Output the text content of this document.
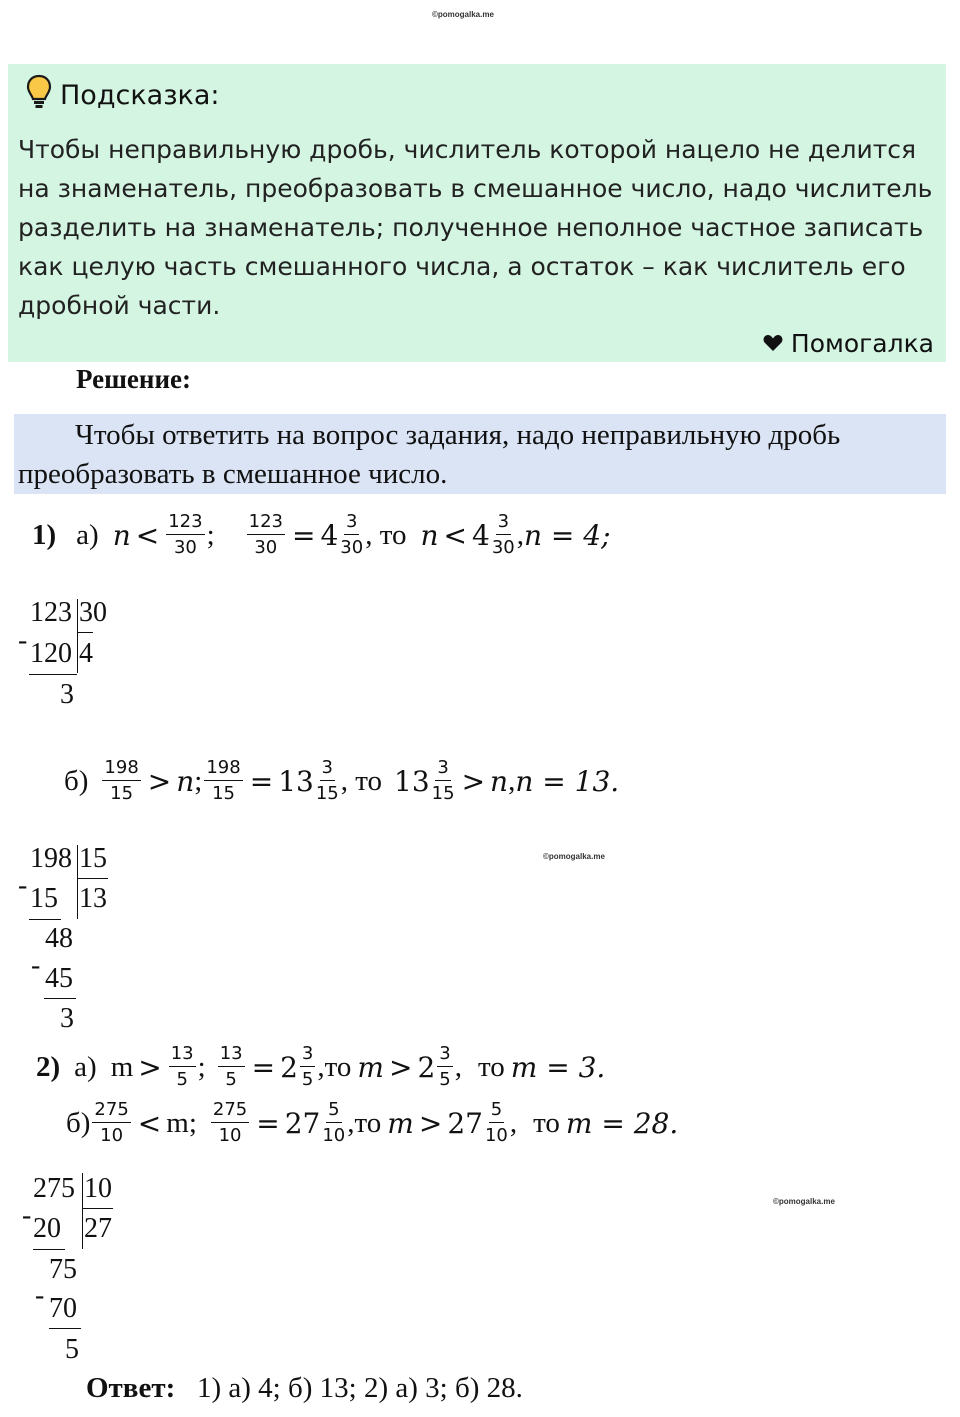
©pomogalka.me
©pomogalka.me
©pomogalka.me
Подсказка:
Чтобы неправильную дробь, числитель которой нацело не делится на знаменатель, преобразовать в смешанное число, надо числитель разделить на знаменатель; полученное неполное частное записать как целую часть смешанного числа, а остаток – как числитель его дробной части.
Помогалка
Решение:
Чтобы ответить на вопрос задания, надо неправильную дробь преобразовать в смешанное число.
1) а) $n < \frac{123}{30}$ ; $\frac{123}{30} = 4 \frac{3}{30}$ , то $n < 4 \frac{3}{30}$ , n = 4;
123 30
- 120 4
3
$б) \frac{198}{15} > n$ ; $\frac{198}{15} = 13 \frac{3}{15}$ , то $13 \frac{3}{15} > n$ , n = 13.
198 15
- 15 13
48
- 45
3
2) а) $m > \frac{13}{5}$ ; $\frac{13}{5} = 2 \frac{3}{5}$ , то $m > 2 \frac{3}{5}$ , то m = 3.
$б) \frac{275}{10} < m$ ; $\frac{275}{10} = 27 \frac{5}{10}$ , то $m > 27 \frac{5}{10}$ , то m = 28.
275 10
- 20 27
75
- 70
5
Ответ: 1) а) 4; б) 13; 2) а) 3; б) 28.
